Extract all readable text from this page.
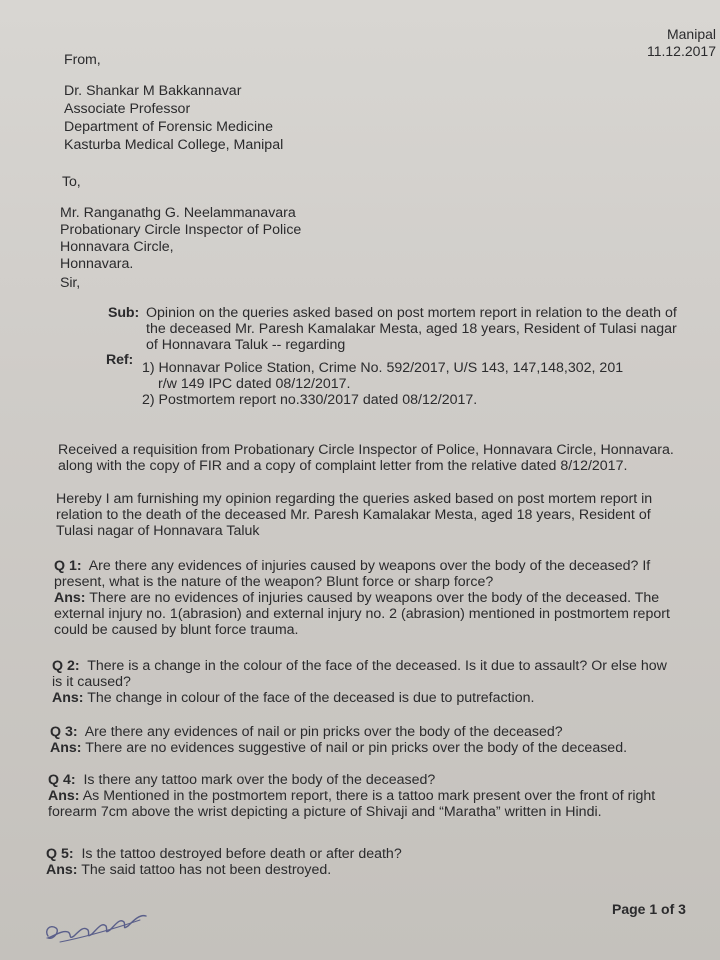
Manipal
11.12.2017
From,
Dr. Shankar M Bakkannavar
Associate Professor
Department of Forensic Medicine
Kasturba Medical College, Manipal
To,
Mr. Ranganathg G. Neelammanavara
Probationary Circle Inspector of Police
Honnavara Circle,
Honnavara.
Sir,
Sub: Opinion on the queries asked based on post mortem report in relation to the death of
the deceased Mr. Paresh Kamalakar Mesta, aged 18 years, Resident of Tulasi nagar
of Honnavara Taluk -- regarding
Ref: 1) Honnavar Police Station, Crime No. 592/2017, U/S 143, 147,148,302, 201
r/w 149 IPC dated 08/12/2017.
2) Postmortem report no.330/2017 dated 08/12/2017.
Received a requisition from Probationary Circle Inspector of Police, Honnavara Circle, Honnavara.
along with the copy of FIR and a copy of complaint letter from the relative dated 8/12/2017.
Hereby I am furnishing my opinion regarding the queries asked based on post mortem report in
relation to the death of the deceased Mr. Paresh Kamalakar Mesta, aged 18 years, Resident of
Tulasi nagar of Honnavara Taluk
Q 1: Are there any evidences of injuries caused by weapons over the body of the deceased? If
present, what is the nature of the weapon? Blunt force or sharp force?
Ans: There are no evidences of injuries caused by weapons over the body of the deceased. The
external injury no. 1(abrasion) and external injury no. 2 (abrasion) mentioned in postmortem report
could be caused by blunt force trauma.
Q 2: There is a change in the colour of the face of the deceased. Is it due to assault? Or else how
is it caused?
Ans: The change in colour of the face of the deceased is due to putrefaction.
Q 3: Are there any evidences of nail or pin pricks over the body of the deceased?
Ans: There are no evidences suggestive of nail or pin pricks over the body of the deceased.
Q 4: Is there any tattoo mark over the body of the deceased?
Ans: As Mentioned in the postmortem report, there is a tattoo mark present over the front of right
forearm 7cm above the wrist depicting a picture of Shivaji and “Maratha” written in Hindi.
Q 5: Is the tattoo destroyed before death or after death?
Ans: The said tattoo has not been destroyed.
Page 1 of 3
